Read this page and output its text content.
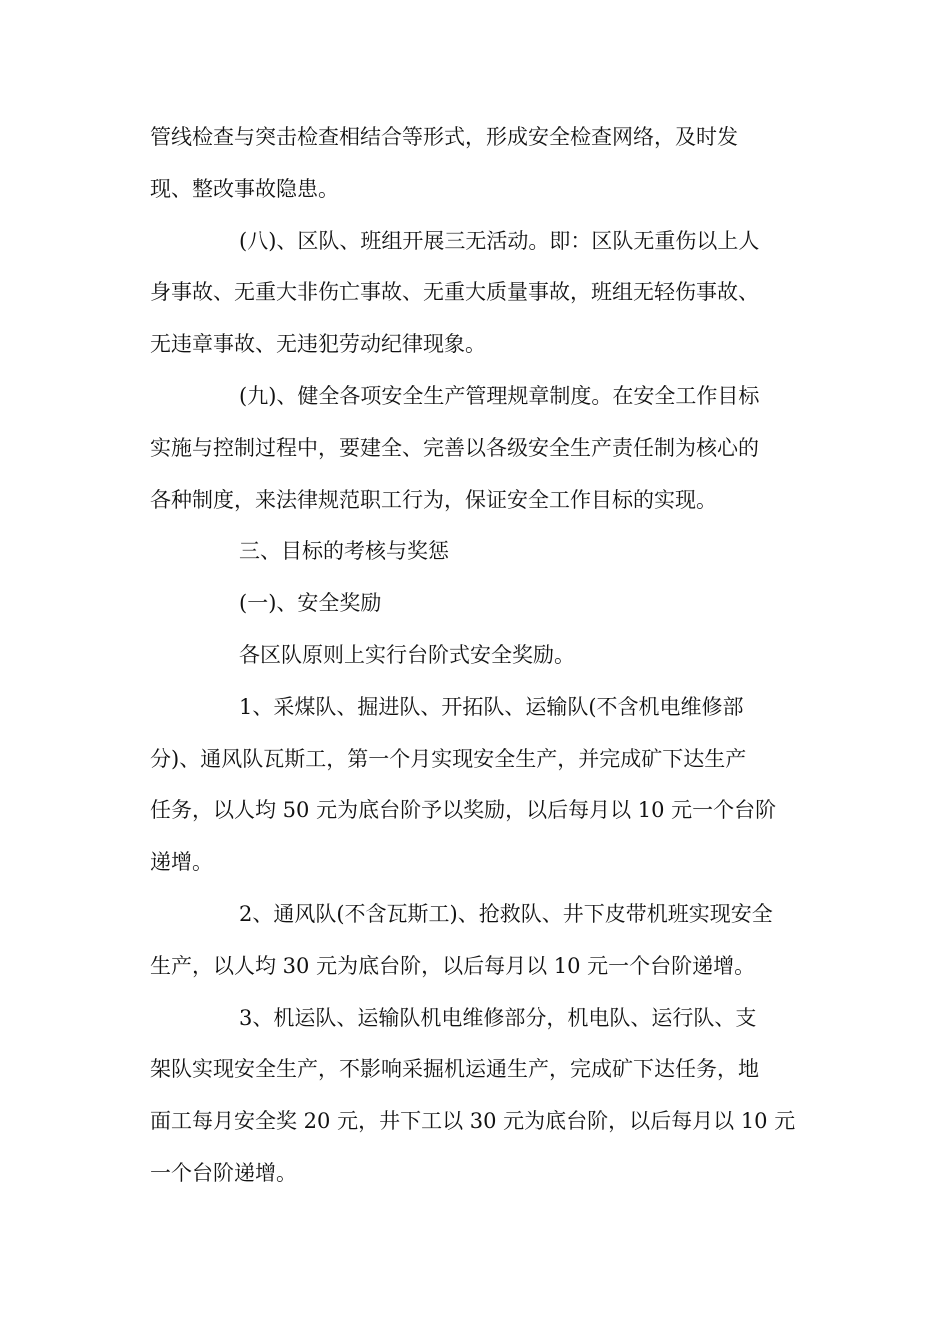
管线检查与突击检查相结合等形式，形成安全检查网络，及时发
现、整改事故隐患。
(八)、区队、班组开展三无活动。即：区队无重伤以上人
身事故、无重大非伤亡事故、无重大质量事故，班组无轻伤事故、
无违章事故、无违犯劳动纪律现象。
(九)、健全各项安全生产管理规章制度。在安全工作目标
实施与控制过程中，要建全、完善以各级安全生产责任制为核心的
各种制度，来法律规范职工行为，保证安全工作目标的实现。
三、目标的考核与奖惩
(一)、安全奖励
各区队原则上实行台阶式安全奖励。
1、采煤队、掘进队、开拓队、运输队(不含机电维修部
分)、通风队瓦斯工，第一个月实现安全生产，并完成矿下达生产
任务，以人均 50 元为底台阶予以奖励，以后每月以 10 元一个台阶
递增。
2、通风队(不含瓦斯工)、抢救队、井下皮带机班实现安全
生产，以人均 30 元为底台阶，以后每月以 10 元一个台阶递增。
3、机运队、运输队机电维修部分，机电队、运行队、支
架队实现安全生产，不影响采掘机运通生产，完成矿下达任务，地
面工每月安全奖 20 元，井下工以 30 元为底台阶，以后每月以 10 元
一个台阶递增。
